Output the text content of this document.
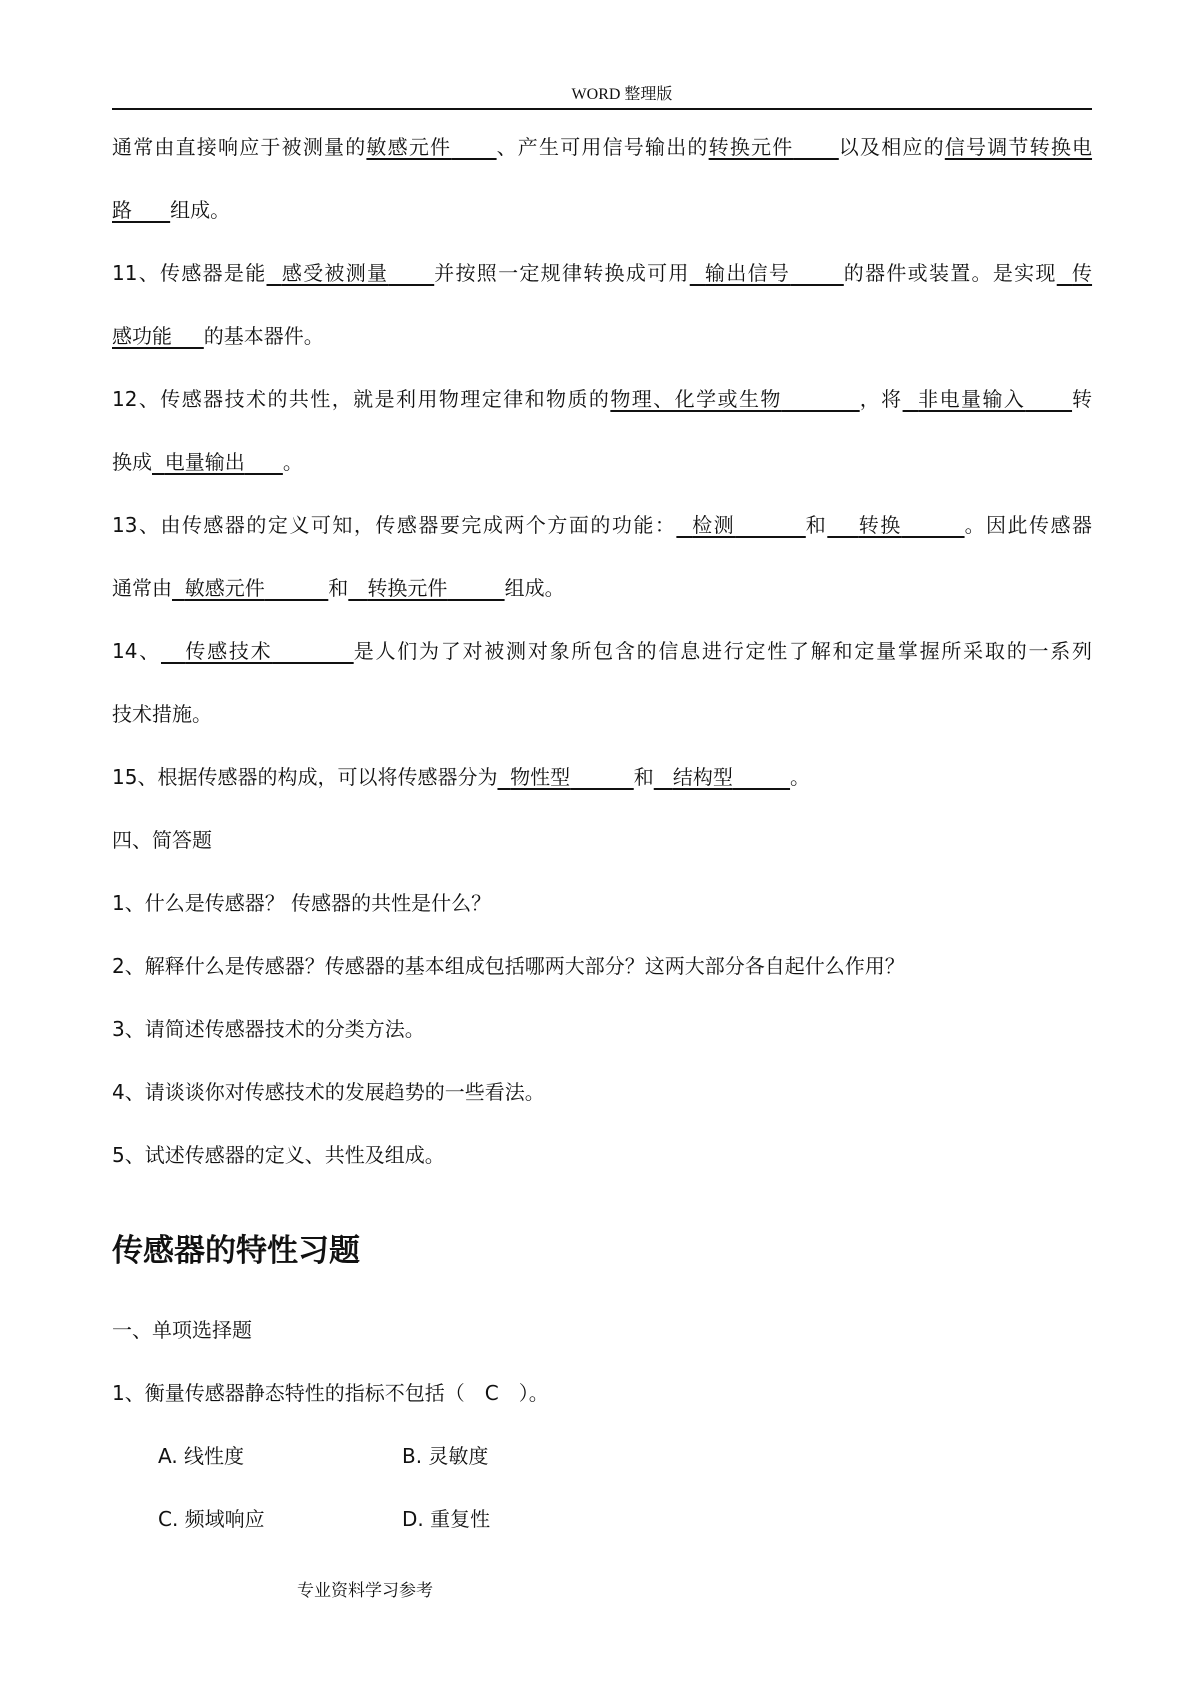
WORD 整理版
通常由直接响应于被测量的敏感元件 、产生可用信号输出的转换元件 以及相应的信号调节转换电
路 组成。
11、传感器是能 感受被测量 并按照一定规律转换成可用 输出信号	的器件或装置。是实现 传
感功能 的基本器件。
12、传感器技术的共性，就是利用物理定律和物质的物理、化学或生物	，将 非电量输入 转
换成 电量输出 。
13、由传感器的定义可知，传感器要完成两个方面的功能： 检测	和 转换	。因此传感器
通常由 敏感元件	和 转换元件	组成。
14、 传感技术	是人们为了对被测对象所包含的信息进行定性了解和定量掌握所采取的一系列
技术措施。
15、根据传感器的构成，可以将传感器分为 物性型	和 结构型	。
四、简答题
1、什么是传感器？ 传感器的共性是什么？
2、解释什么是传感器？传感器的基本组成包括哪两大部分？这两大部分各自起什么作用？
3、请简述传感器技术的分类方法。
4、请谈谈你对传感技术的发展趋势的一些看法。
5、试述传感器的定义、共性及组成。
传感器的特性习题
一、单项选择题
1、衡量传感器静态特性的指标不包括（　C　）。
A. 线性度	B. 灵敏度
C. 频域响应	D. 重复性
专业资料学习参考
